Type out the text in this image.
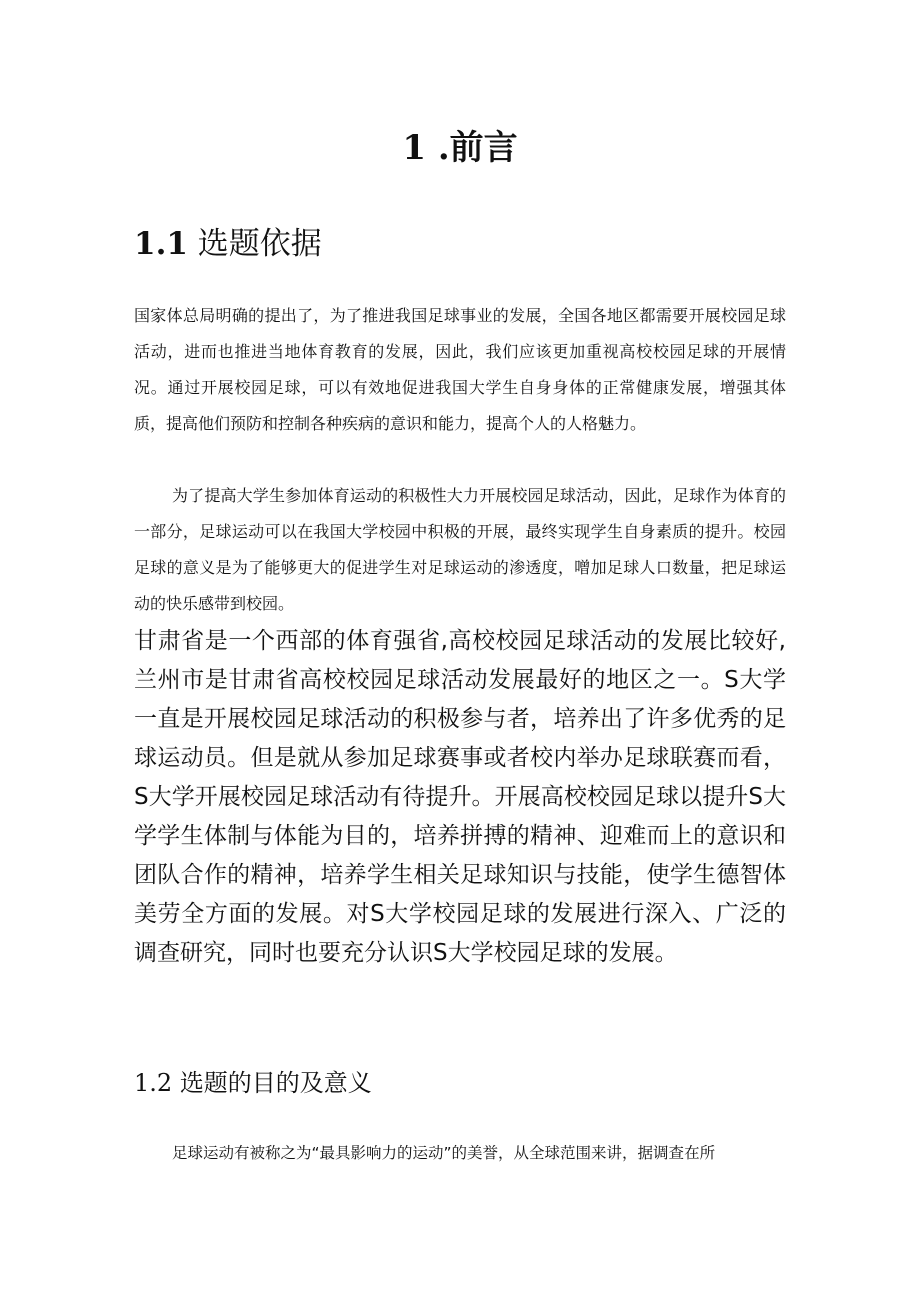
1 .前言
1.1 选题依据

国家体总局明确的提出了，为了推进我国足球事业的发展，全国各地区都需要开展校园足球活动，进而也推进当地体育教育的发展，因此，我们应该更加重视高校校园足球的开展情况。通过开展校园足球，可以有效地促进我国大学生自身身体的正常健康发展，增强其体质，提高他们预防和控制各种疾病的意识和能力，提高个人的人格魅力。

为了提高大学生参加体育运动的积极性大力开展校园足球活动，因此，足球作为体育的一部分，足球运动可以在我国大学校园中积极的开展，最终实现学生自身素质的提升。校园足球的意义是为了能够更大的促进学生对足球运动的渗透度，噌加足球人口数量，把足球运动的快乐感带到校园。

甘肃省是一个西部的体育强省,高校校园足球活动的发展比较好,兰州市是甘肃省高校校园足球活动发展最好的地区之一。S大学一直是开展校园足球活动的积极参与者，培养出了许多优秀的足球运动员。但是就从参加足球赛事或者校内举办足球联赛而看，S大学开展校园足球活动有待提升。开展高校校园足球以提升S大学学生体制与体能为目的，培养拼搏的精神、迎难而上的意识和团队合作的精神，培养学生相关足球知识与技能，使学生德智体美劳全方面的发展。对S大学校园足球的发展进行深入、广泛的调查研究，同时也要充分认识S大学校园足球的发展。

1.2 选题的目的及意义

足球运动有被称之为“最具影响力的运动”的美誉，从全球范围来讲，据调查在所
